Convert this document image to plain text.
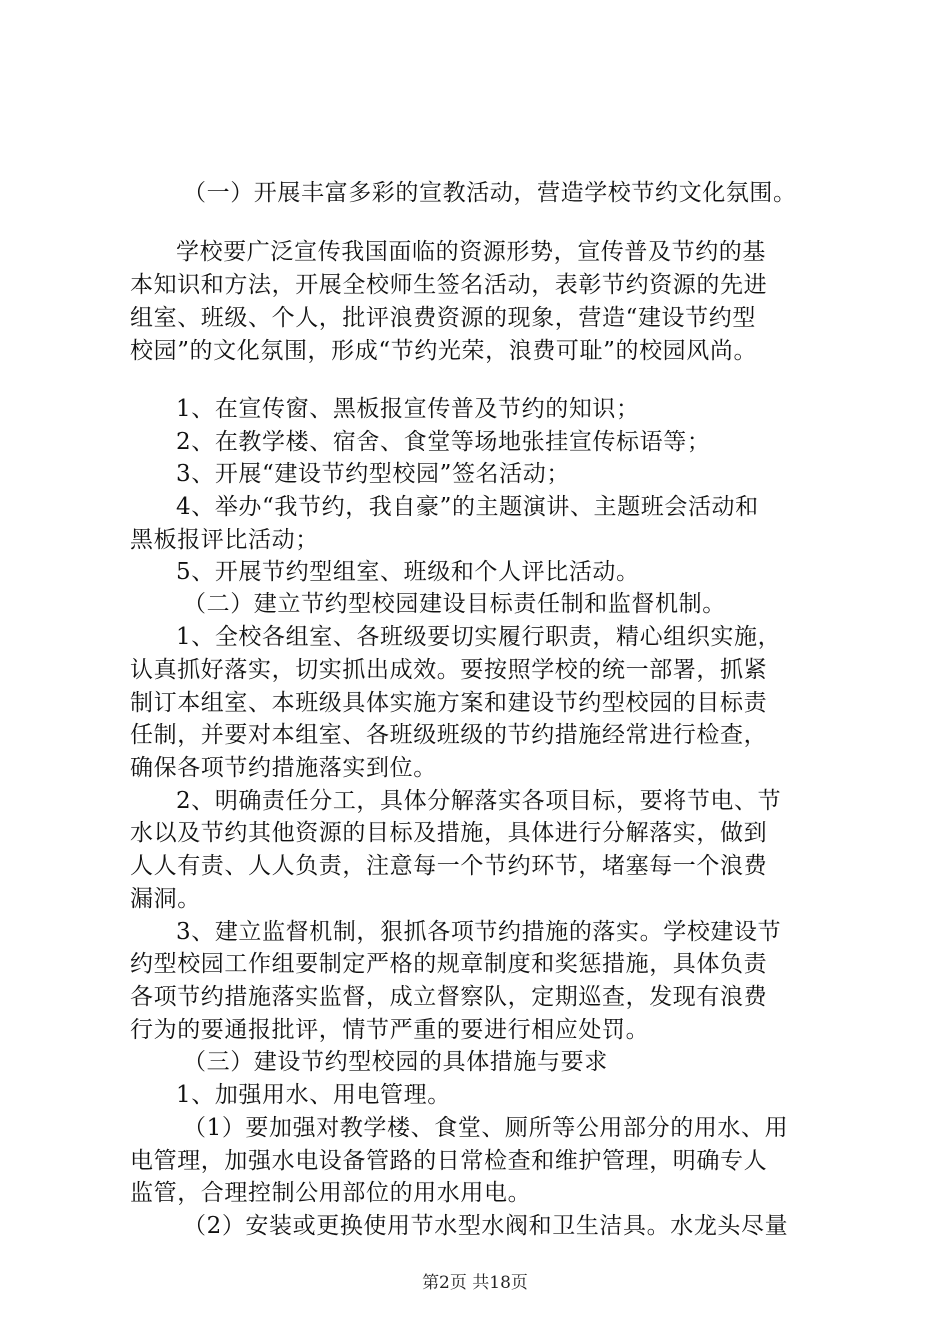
（一）开展丰富多彩的宣教活动，营造学校节约文化氛围。
学校要广泛宣传我国面临的资源形势，宣传普及节约的基
本知识和方法，开展全校师生签名活动，表彰节约资源的先进
组室、班级、个人，批评浪费资源的现象，营造“建设节约型
校园”的文化氛围，形成“节约光荣，浪费可耻”的校园风尚。
1、在宣传窗、黑板报宣传普及节约的知识；
2、在教学楼、宿舍、食堂等场地张挂宣传标语等；
3、开展“建设节约型校园”签名活动；
4、举办“我节约，我自豪”的主题演讲、主题班会活动和
黑板报评比活动；
5、开展节约型组室、班级和个人评比活动。
（二）建立节约型校园建设目标责任制和监督机制。
1、全校各组室、各班级要切实履行职责，精心组织实施，
认真抓好落实，切实抓出成效。要按照学校的统一部署，抓紧
制订本组室、本班级具体实施方案和建设节约型校园的目标责
任制，并要对本组室、各班级班级的节约措施经常进行检查，
确保各项节约措施落实到位。
2、明确责任分工，具体分解落实各项目标，要将节电、节
水以及节约其他资源的目标及措施，具体进行分解落实，做到
人人有责、人人负责，注意每一个节约环节，堵塞每一个浪费
漏洞。
3、建立监督机制，狠抓各项节约措施的落实。学校建设节
约型校园工作组要制定严格的规章制度和奖惩措施，具体负责
各项节约措施落实监督，成立督察队，定期巡查，发现有浪费
行为的要通报批评，情节严重的要进行相应处罚。
（三）建设节约型校园的具体措施与要求
1、加强用水、用电管理。
（1）要加强对教学楼、食堂、厕所等公用部分的用水、用
电管理，加强水电设备管路的日常检查和维护管理，明确专人
监管，合理控制公用部位的用水用电。
（2）安装或更换使用节水型水阀和卫生洁具。水龙头尽量
第2页 共18页
